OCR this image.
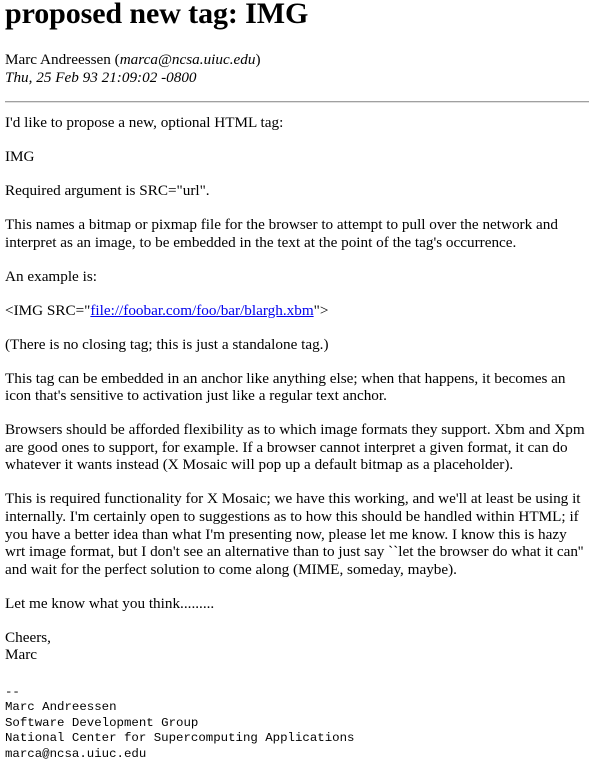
proposed new tag: IMG
Marc Andreessen (marca@ncsa.uiuc.edu)
Thu, 25 Feb 93 21:09:02 -0800

I'd like to propose a new, optional HTML tag:

IMG

Required argument is SRC="url".

This names a bitmap or pixmap file for the browser to attempt to pull over the network and interpret as an image, to be embedded in the text at the point of the tag's occurrence.

An example is:

<IMG SRC="file://foobar.com/foo/bar/blargh.xbm">

(There is no closing tag; this is just a standalone tag.)

This tag can be embedded in an anchor like anything else; when that happens, it becomes an icon that's sensitive to activation just like a regular text anchor.

Browsers should be afforded flexibility as to which image formats they support. Xbm and Xpm are good ones to support, for example. If a browser cannot interpret a given format, it can do whatever it wants instead (X Mosaic will pop up a default bitmap as a placeholder).

This is required functionality for X Mosaic; we have this working, and we'll at least be using it internally. I'm certainly open to suggestions as to how this should be handled within HTML; if you have a better idea than what I'm presenting now, please let me know. I know this is hazy wrt image format, but I don't see an alternative than to just say ``let the browser do what it can'' and wait for the perfect solution to come along (MIME, someday, maybe).

Let me know what you think.........

Cheers,
Marc

--
Marc Andreessen
Software Development Group
National Center for Supercomputing Applications
marca@ncsa.uiuc.edu
